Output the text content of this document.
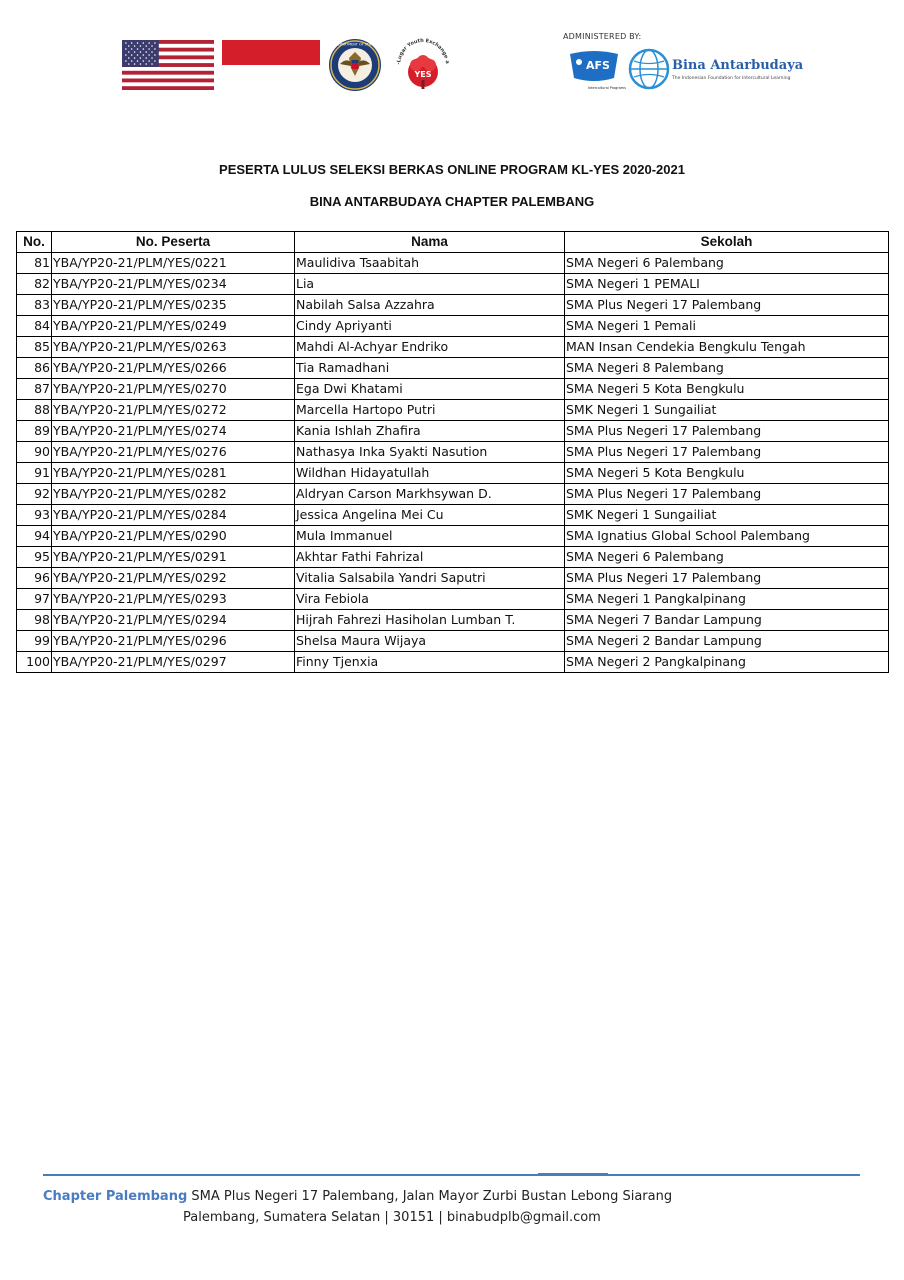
DEPARTMENT OF STATE
-Lugar Youth Exchange a
YES
ADMINISTERED BY:
AFS
Intercultural Programs
Bina Antarbudaya
The Indonesian Foundation for Intercultural Learning
PESERTA LULUS SELEKSI BERKAS ONLINE PROGRAM KL-YES 2020-2021
BINA ANTARBUDAYA CHAPTER PALEMBANG
No.	No. Peserta	Nama	Sekolah
81	YBA/YP20-21/PLM/YES/0221	Maulidiva Tsaabitah	SMA Negeri 6 Palembang
82	YBA/YP20-21/PLM/YES/0234	Lia	SMA Negeri 1 PEMALI
83	YBA/YP20-21/PLM/YES/0235	Nabilah Salsa Azzahra	SMA Plus Negeri 17 Palembang
84	YBA/YP20-21/PLM/YES/0249	Cindy Apriyanti	SMA Negeri 1 Pemali
85	YBA/YP20-21/PLM/YES/0263	Mahdi Al-Achyar Endriko	MAN Insan Cendekia Bengkulu Tengah
86	YBA/YP20-21/PLM/YES/0266	Tia Ramadhani	SMA Negeri 8 Palembang
87	YBA/YP20-21/PLM/YES/0270	Ega Dwi Khatami	SMA Negeri 5 Kota Bengkulu
88	YBA/YP20-21/PLM/YES/0272	Marcella Hartopo Putri	SMK Negeri 1 Sungailiat
89	YBA/YP20-21/PLM/YES/0274	Kania Ishlah Zhafira	SMA Plus Negeri 17 Palembang
90	YBA/YP20-21/PLM/YES/0276	Nathasya Inka Syakti Nasution	SMA Plus Negeri 17 Palembang
91	YBA/YP20-21/PLM/YES/0281	Wildhan Hidayatullah	SMA Negeri 5 Kota Bengkulu
92	YBA/YP20-21/PLM/YES/0282	Aldryan Carson Markhsywan D.	SMA Plus Negeri 17 Palembang
93	YBA/YP20-21/PLM/YES/0284	Jessica Angelina Mei Cu	SMK Negeri 1 Sungailiat
94	YBA/YP20-21/PLM/YES/0290	Mula Immanuel	SMA Ignatius Global School Palembang
95	YBA/YP20-21/PLM/YES/0291	Akhtar Fathi Fahrizal	SMA Negeri 6 Palembang
96	YBA/YP20-21/PLM/YES/0292	Vitalia Salsabila Yandri Saputri	SMA Plus Negeri 17 Palembang
97	YBA/YP20-21/PLM/YES/0293	Vira Febiola	SMA Negeri 1 Pangkalpinang
98	YBA/YP20-21/PLM/YES/0294	Hijrah Fahrezi Hasiholan Lumban T.	SMA Negeri 7 Bandar Lampung
99	YBA/YP20-21/PLM/YES/0296	Shelsa Maura Wijaya	SMA Negeri 2 Bandar Lampung
100	YBA/YP20-21/PLM/YES/0297	Finny Tjenxia	SMA Negeri 2 Pangkalpinang
Chapter Palembang SMA Plus Negeri 17 Palembang, Jalan Mayor Zurbi Bustan Lebong Siarang
Palembang, Sumatera Selatan | 30151 | binabudplb@gmail.com
